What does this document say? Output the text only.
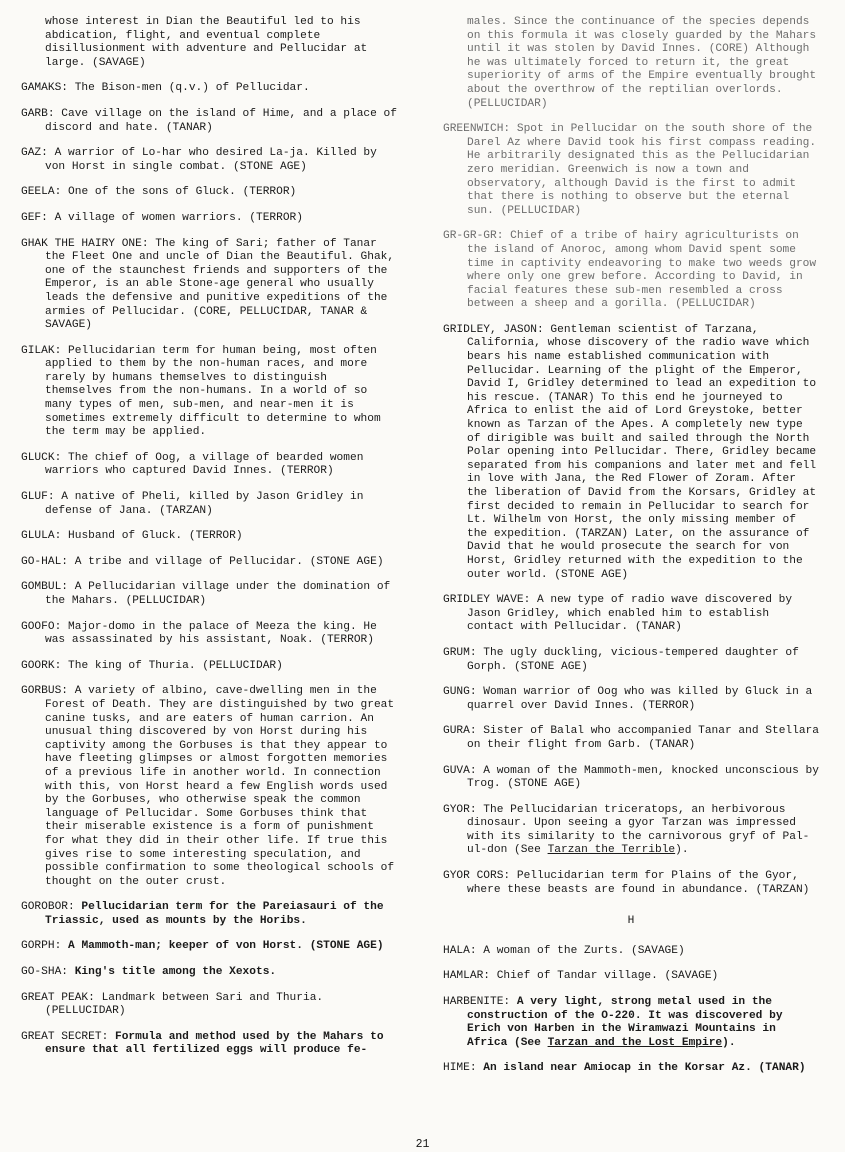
whose interest in Dian the Beautiful led to his abdication, flight, and eventual complete disillusionment with adventure and Pellucidar at large. (SAVAGE)
GAMAKS: The Bison-men (q.v.) of Pellucidar.
GARB: Cave village on the island of Hime, and a place of discord and hate. (TANAR)
GAZ: A warrior of Lo-har who desired La-ja. Killed by von Horst in single combat. (STONE AGE)
GEELA: One of the sons of Gluck. (TERROR)
GEF: A village of women warriors. (TERROR)
GHAK THE HAIRY ONE: The king of Sari; father of Tanar the Fleet One and uncle of Dian the Beautiful. Ghak, one of the staunchest friends and supporters of the Emperor, is an able Stone-age general who usually leads the defensive and punitive expeditions of the armies of Pellucidar. (CORE, PELLUCIDAR, TANAR & SAVAGE)
GILAK: Pellucidarian term for human being, most often applied to them by the non-human races, and more rarely by humans themselves to distinguish themselves from the non-humans. In a world of so many types of men, sub-men, and near-men it is sometimes extremely difficult to determine to whom the term may be applied.
GLUCK: The chief of Oog, a village of bearded women warriors who captured David Innes. (TERROR)
GLUF: A native of Pheli, killed by Jason Gridley in defense of Jana. (TARZAN)
GLULA: Husband of Gluck. (TERROR)
GO-HAL: A tribe and village of Pellucidar. (STONE AGE)
GOMBUL: A Pellucidarian village under the domination of the Mahars. (PELLUCIDAR)
GOOFO: Major-domo in the palace of Meeza the king. He was assassinated by his assistant, Noak. (TERROR)
GOORK: The king of Thuria. (PELLUCIDAR)
GORBUS: A variety of albino, cave-dwelling men in the Forest of Death. They are distinguished by two great canine tusks, and are eaters of human carrion. An unusual thing discovered by von Horst during his captivity among the Gorbuses is that they appear to have fleeting glimpses or almost forgotten memories of a previous life in another world. In connection with this, von Horst heard a few English words used by the Gorbuses, who otherwise speak the common language of Pellucidar. Some Gorbuses think that their miserable existence is a form of punishment for what they did in their other life. If true this gives rise to some interesting speculation, and possible confirmation to some theological schools of thought on the outer crust.
GOROBOR: Pellucidarian term for the Pareiasauri of the Triassic, used as mounts by the Horibs.
GORPH: A Mammoth-man; keeper of von Horst. (STONE AGE)
GO-SHA: King's title among the Xexots.
GREAT PEAK: Landmark between Sari and Thuria. (PELLUCIDAR)
GREAT SECRET: Formula and method used by the Mahars to ensure that all fertilized eggs will produce fe-
males. Since the continuance of the species depends on this formula it was closely guarded by the Mahars until it was stolen by David Innes. (CORE) Although he was ultimately forced to return it, the great superiority of arms of the Empire eventually brought about the overthrow of the reptilian overlords. (PELLUCIDAR)
GREENWICH: Spot in Pellucidar on the south shore of the Darel Az where David took his first compass reading. He arbitrarily designated this as the Pellucidarian zero meridian. Greenwich is now a town and observatory, although David is the first to admit that there is nothing to observe but the eternal sun. (PELLUCIDAR)
GR-GR-GR: Chief of a tribe of hairy agriculturists on the island of Anoroc, among whom David spent some time in captivity endeavoring to make two weeds grow where only one grew before. According to David, in facial features these sub-men resembled a cross between a sheep and a gorilla. (PELLUCIDAR)
GRIDLEY, JASON: Gentleman scientist of Tarzana, California, whose discovery of the radio wave which bears his name established communication with Pellucidar. Learning of the plight of the Emperor, David I, Gridley determined to lead an expedition to his rescue. (TANAR) To this end he journeyed to Africa to enlist the aid of Lord Greystoke, better known as Tarzan of the Apes. A completely new type of dirigible was built and sailed through the North Polar opening into Pellucidar. There, Gridley became separated from his companions and later met and fell in love with Jana, the Red Flower of Zoram. After the liberation of David from the Korsars, Gridley at first decided to remain in Pellucidar to search for Lt. Wilhelm von Horst, the only missing member of the expedition. (TARZAN) Later, on the assurance of David that he would prosecute the search for von Horst, Gridley returned with the expedition to the outer world. (STONE AGE)
GRIDLEY WAVE: A new type of radio wave discovered by Jason Gridley, which enabled him to establish contact with Pellucidar. (TANAR)
GRUM: The ugly duckling, vicious-tempered daughter of Gorph. (STONE AGE)
GUNG: Woman warrior of Oog who was killed by Gluck in a quarrel over David Innes. (TERROR)
GURA: Sister of Balal who accompanied Tanar and Stellara on their flight from Garb. (TANAR)
GUVA: A woman of the Mammoth-men, knocked unconscious by Trog. (STONE AGE)
GYOR: The Pellucidarian triceratops, an herbivorous dinosaur. Upon seeing a gyor Tarzan was impressed with its similarity to the carnivorous gryf of Pal-ul-don (See Tarzan the Terrible).
GYOR CORS: Pellucidarian term for Plains of the Gyor, where these beasts are found in abundance. (TARZAN)
H
HALA: A woman of the Zurts. (SAVAGE)
HAMLAR: Chief of Tandar village. (SAVAGE)
HARBENITE: A very light, strong metal used in the construction of the O-220. It was discovered by Erich von Harben in the Wiramwazi Mountains in Africa (See Tarzan and the Lost Empire).
HIME: An island near Amiocap in the Korsar Az. (TANAR)
21
